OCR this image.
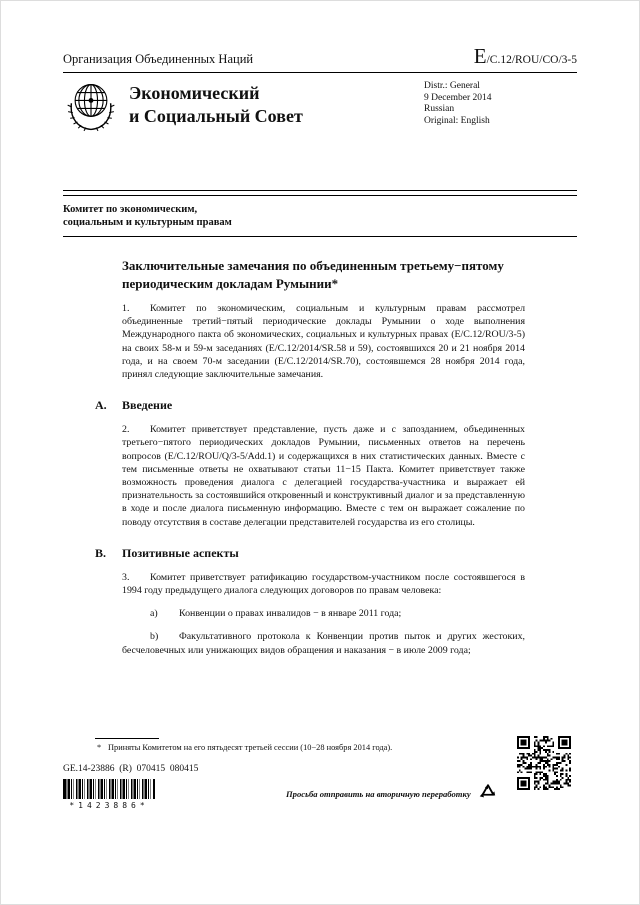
Организация Объединенных Наций	E/C.12/ROU/CO/3-5
Экономический
и Социальный Совет
Distr.: General
9 December 2014
Russian
Original: English
Комитет по экономическим,
социальным и культурным правам
Заключительные замечания по объединенным третьему−пятому периодическим докладам Румынии*

1. Комитет по экономическим, социальным и культурным правам рассмотрел объединенные третий−пятый периодические доклады Румынии о ходе выполнения Международного пакта об экономических, социальных и культурных правах (E/C.12/ROU/3-5) на своих 58-м и 59-м заседаниях (E/C.12/2014/SR.58 и 59), состоявшихся 20 и 21 ноября 2014 года, и на своем 70-м заседании (E/C.12/2014/SR.70), состоявшемся 28 ноября 2014 года, принял следующие заключительные замечания.

A. Введение

2. Комитет приветствует представление, пусть даже и с запозданием, объединенных третьего−пятого периодических докладов Румынии, письменных ответов на перечень вопросов (E/C.12/ROU/Q/3-5/Add.1) и содержащихся в них статистических данных. Вместе с тем письменные ответы не охватывают статьи 11−15 Пакта. Комитет приветствует также возможность проведения диалога с делегацией государства-участника и выражает ей признательность за состоявшийся откровенный и конструктивный диалог и за представленную в ходе и после диалога письменную информацию. Вместе с тем он выражает сожаление по поводу отсутствия в составе делегации представителей государства из его столицы.

B. Позитивные аспекты

3. Комитет приветствует ратификацию государством-участником после состоявшегося в 1994 году предыдущего диалога следующих договоров по правам человека:

a) Конвенции о правах инвалидов − в январе 2011 года;

b) Факультативного протокола к Конвенции против пыток и других жестоких, бесчеловечных или унижающих видов обращения и наказания − в июле 2009 года;

* Приняты Комитетом на его пятьдесят третьей сессии (10−28 ноября 2014 года).
GE.14-23886  (R)  070415  080415
*1423886*
Просьба отправить на вторичную переработку
